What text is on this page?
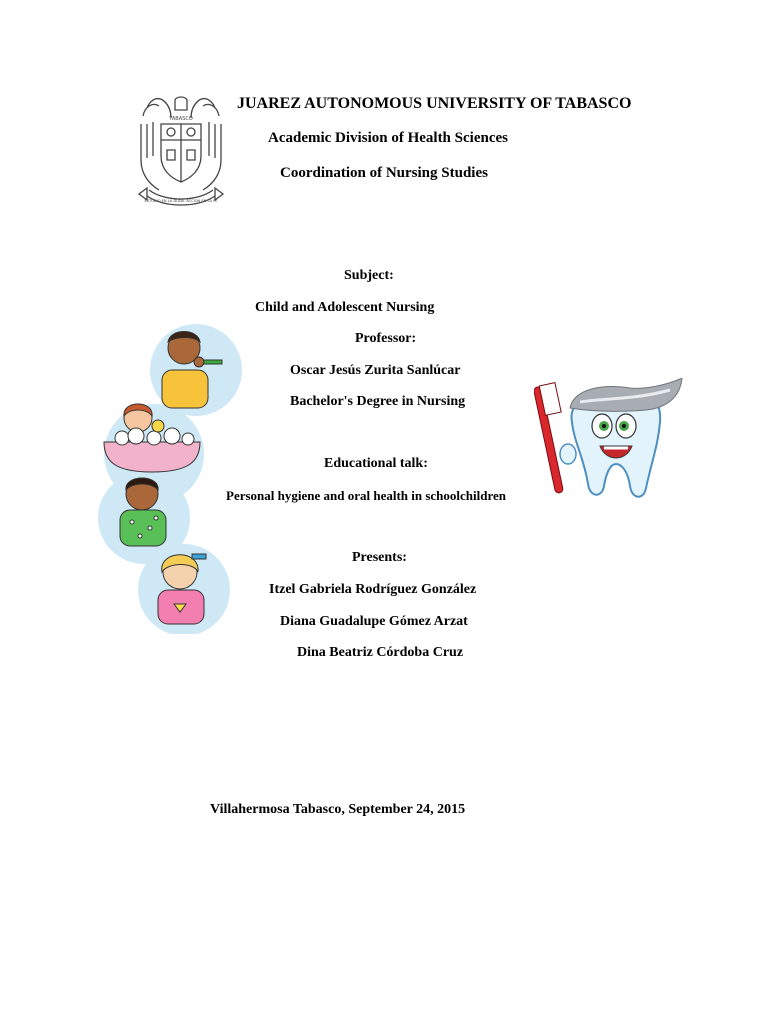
TABASCO
ESTUDIO EN LA DUDA. ACCION EN LA FE
JUAREZ AUTONOMOUS UNIVERSITY OF TABASCO
Academic Division of Health Sciences
Coordination of Nursing Studies
Subject:
Child and Adolescent Nursing
Professor:
Oscar Jesús Zurita Sanlúcar
Bachelor's Degree in Nursing
Educational talk:
Personal hygiene and oral health in schoolchildren
Presents:
Itzel Gabriela Rodríguez González
Diana Guadalupe Gómez Arzat
Dina Beatriz Córdoba Cruz
Villahermosa Tabasco, September 24, 2015
